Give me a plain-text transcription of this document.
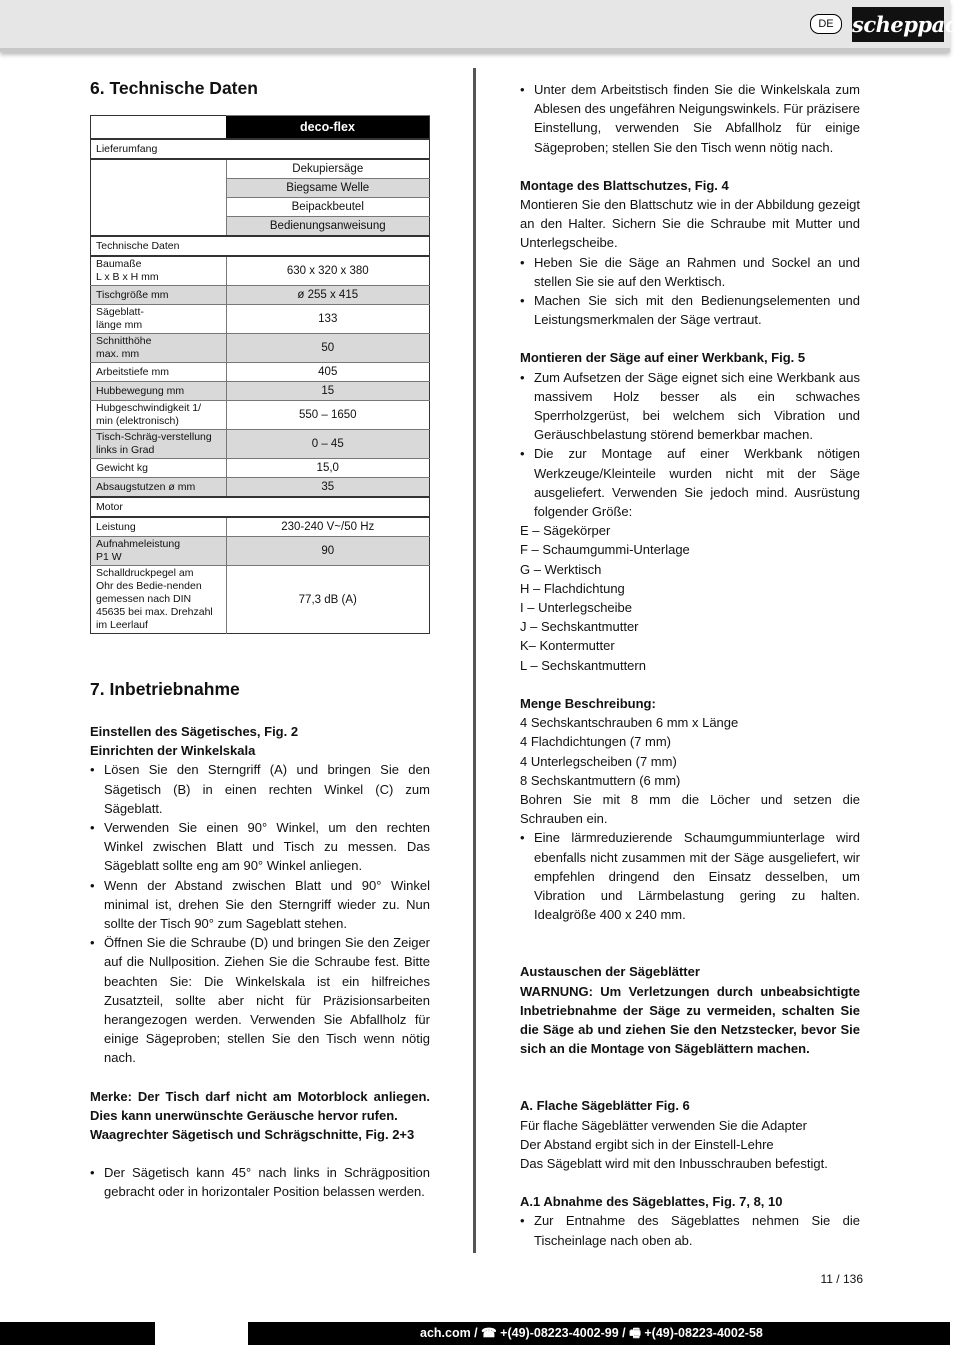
DE scheppach
6. Technische Daten
	deco-flex
Lieferumfang	
	Dekupiersäge
	Biegsame Welle
	Beipackbeutel
	Bedienungsanweisung
Technische Daten	
Baumaße
L x B x H mm	630 x 320 x 380
Tischgröße mm	ø 255 x 415
Sägeblatt-
länge mm	133
Schnitthöhe
max. mm	50
Arbeitstiefe mm	405
Hubbewegung mm	15
Hubgeschwindigkeit 1/
min (elektronisch)	550 – 1650
Tisch-Schräg-verstellung
links in Grad	0 – 45
Gewicht kg	15,0
Absaugstutzen ø mm	35
Motor	
Leistung	230-240 V~/50 Hz
Aufnahmeleistung
P1 W	90
Schalldruckpegel am
Ohr des Bedie-nenden
gemessen nach DIN
45635 bei max. Drehzahl
im Leerlauf	77,3 dB (A)
7. Inbetriebnahme

Einstellen des Sägetisches, Fig. 2

Einrichten der Winkelskala

• Lösen Sie den Sterngriff (A) und bringen Sie den Sägetisch (B) in einen rechten Winkel (C) zum Sägeblatt.
• Verwenden Sie einen 90° Winkel, um den rechten Winkel zwischen Blatt und Tisch zu messen. Das Sägeblatt sollte eng am 90° Winkel anliegen.
• Wenn der Abstand zwischen Blatt und 90° Winkel minimal ist, drehen Sie den Sterngriff wieder zu. Nun sollte der Tisch 90° zum Sageblatt stehen.
• Öffnen Sie die Schraube (D) und bringen Sie den Zeiger auf die Nullposition. Ziehen Sie die Schraube fest. Bitte beachten Sie: Die Winkelskala ist ein hilfreiches Zusatzteil, sollte aber nicht für Präzisionsarbeiten herangezogen werden. Verwenden Sie Abfallholz für einige Sägeproben; stellen Sie den Tisch wenn nötig nach.

Merke: Der Tisch darf nicht am Motorblock anliegen. Dies kann unerwünschte Geräusche hervor rufen.

Waagrechter Sägetisch und Schrägschnitte, Fig. 2+3

• Der Sägetisch kann 45° nach links in Schrägposition gebracht oder in horizontaler Position belassen werden.
• Unter dem Arbeitstisch finden Sie die Winkelskala zum Ablesen des ungefähren Neigungswinkels. Für präzisere Einstellung, verwenden Sie Abfallholz für einige Sägeproben; stellen Sie den Tisch wenn nötig nach.

Montage des Blattschutzes, Fig. 4

Montieren Sie den Blattschutz wie in der Abbildung gezeigt an den Halter. Sichern Sie die Schraube mit Mutter und Unterlegscheibe.

• Heben Sie die Säge an Rahmen und Sockel an und stellen Sie sie auf den Werktisch.
• Machen Sie sich mit den Bedienungselementen und Leistungsmerkmalen der Säge vertraut.

Montieren der Säge auf einer Werkbank, Fig. 5

• Zum Aufsetzen der Säge eignet sich eine Werkbank aus massivem Holz besser als ein schwaches Sperrholzgerüst, bei welchem sich Vibration und Geräuschbelastung störend bemerkbar machen.
• Die zur Montage auf einer Werkbank nötigen Werkzeuge/Kleinteile wurden nicht mit der Säge ausgeliefert. Verwenden Sie jedoch mind. Ausrüstung folgender Größe:

E – Sägekörper

F – Schaumgummi-Unterlage

G – Werktisch

H – Flachdichtung

I – Unterlegscheibe

J – Sechskantmutter

K– Kontermutter

L – Sechskantmuttern

Menge Beschreibung:

4 Sechskantschrauben 6 mm x Länge

4 Flachdichtungen (7 mm)

4 Unterlegscheiben (7 mm)

8 Sechskantmuttern (6 mm)

Bohren Sie mit 8 mm die Löcher und setzen die Schrauben ein.

• Eine lärmreduzierende Schaumgummiunterlage wird ebenfalls nicht zusammen mit der Säge ausgeliefert, wir empfehlen dringend den Einsatz desselben, um Vibration und Lärmbelastung gering zu halten. Idealgröße 400 x 240 mm.

Austauschen der Sägeblätter

WARNUNG: Um Verletzungen durch unbeabsichtigte Inbetriebnahme der Säge zu vermeiden, schalten Sie die Säge ab und ziehen Sie den Netzstecker, bevor Sie sich an die Montage von Sägeblättern machen.

A. Flache Sägeblätter Fig. 6

Für flache Sägeblätter verwenden Sie die Adapter

Der Abstand ergibt sich in der Einstell-Lehre

Das Sägeblatt wird mit den Inbusschrauben befestigt.

A.1 Abnahme des Sägeblattes, Fig. 7, 8, 10

• Zur Entnahme des Sägeblattes nehmen Sie die Tischeinlage nach oben ab.
11 / 136
ach.com / ☎ +(49)-08223-4002-99 / 🖷 +(49)-08223-4002-58
